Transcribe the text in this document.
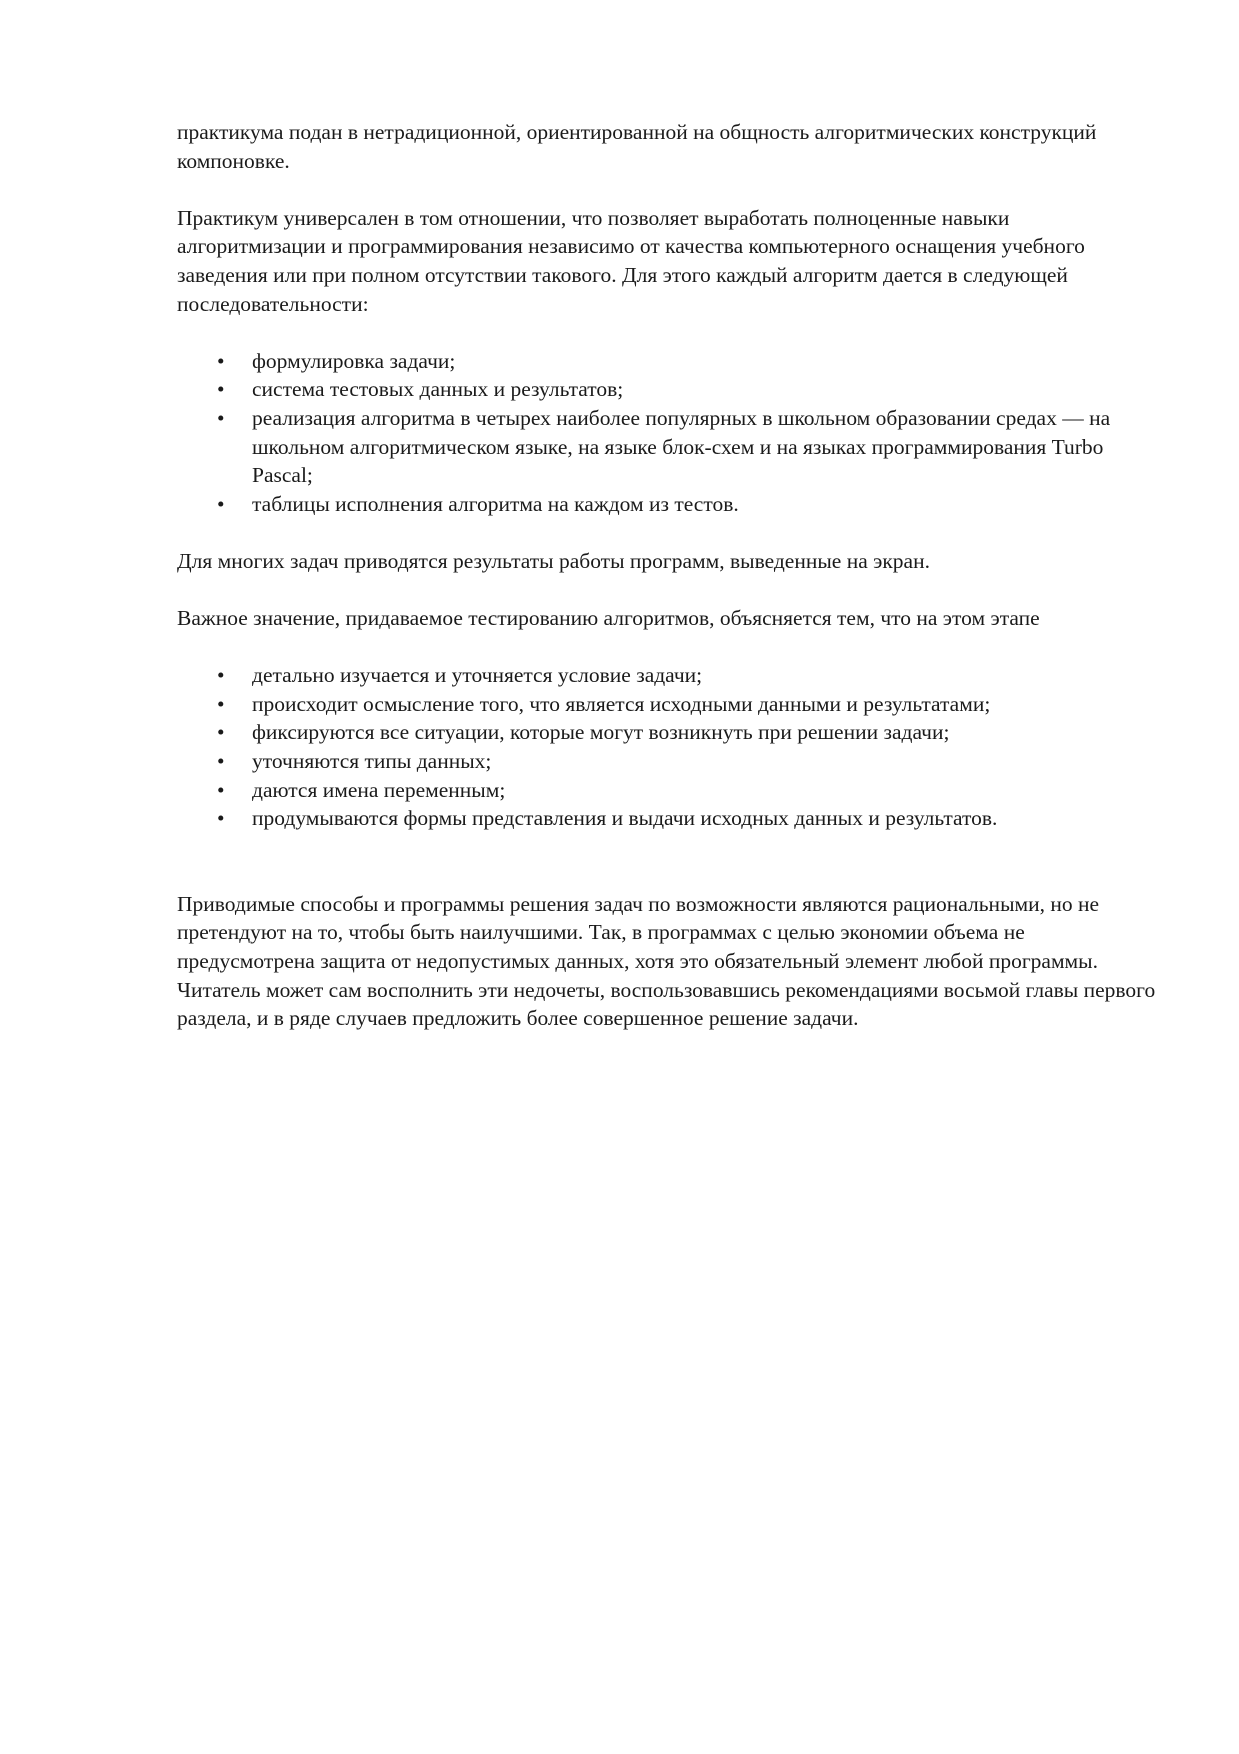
практикума подан в нетрадиционной, ориентированной на общность алгоритмических конструкций компоновке.

Практикум универсален в том отношении, что позволяет выработать полноценные навыки алгоритмизации и программирования независимо от качества компьютерного оснащения учебного заведения или при полном отсутствии такового. Для этого каждый алгоритм дается в следующей последовательности:

•	формулировка задачи;
•	система тестовых данных и результатов;
•	реализация алгоритма в четырех наиболее популярных в школьном образовании средах — на школьном алгоритмическом языке, на языке блок-схем и на языках программирования Turbo Pascal;
•	таблицы исполнения алгоритма на каждом из тестов.

Для многих задач приводятся результаты работы программ, выведенные на экран.

Важное значение, придаваемое тестированию алгоритмов, объясняется тем, что на этом этапе

•	детально изучается и уточняется условие задачи;
•	происходит осмысление того, что является исходными данными и результатами;
•	фиксируются все ситуации, которые могут возникнуть при решении задачи;
•	уточняются типы данных;
•	даются имена переменным;
•	продумываются формы представления и выдачи исходных данных и результатов.

Приводимые способы и программы решения задач по возможности являются рациональными, но не претендуют на то, чтобы быть наилучшими. Так, в программах с целью экономии объема не предусмотрена защита от недопустимых данных, хотя это обязательный элемент любой программы. Читатель может сам восполнить эти недочеты, воспользовавшись рекомендациями восьмой главы первого раздела, и в ряде случаев предложить более совершенное решение задачи.
